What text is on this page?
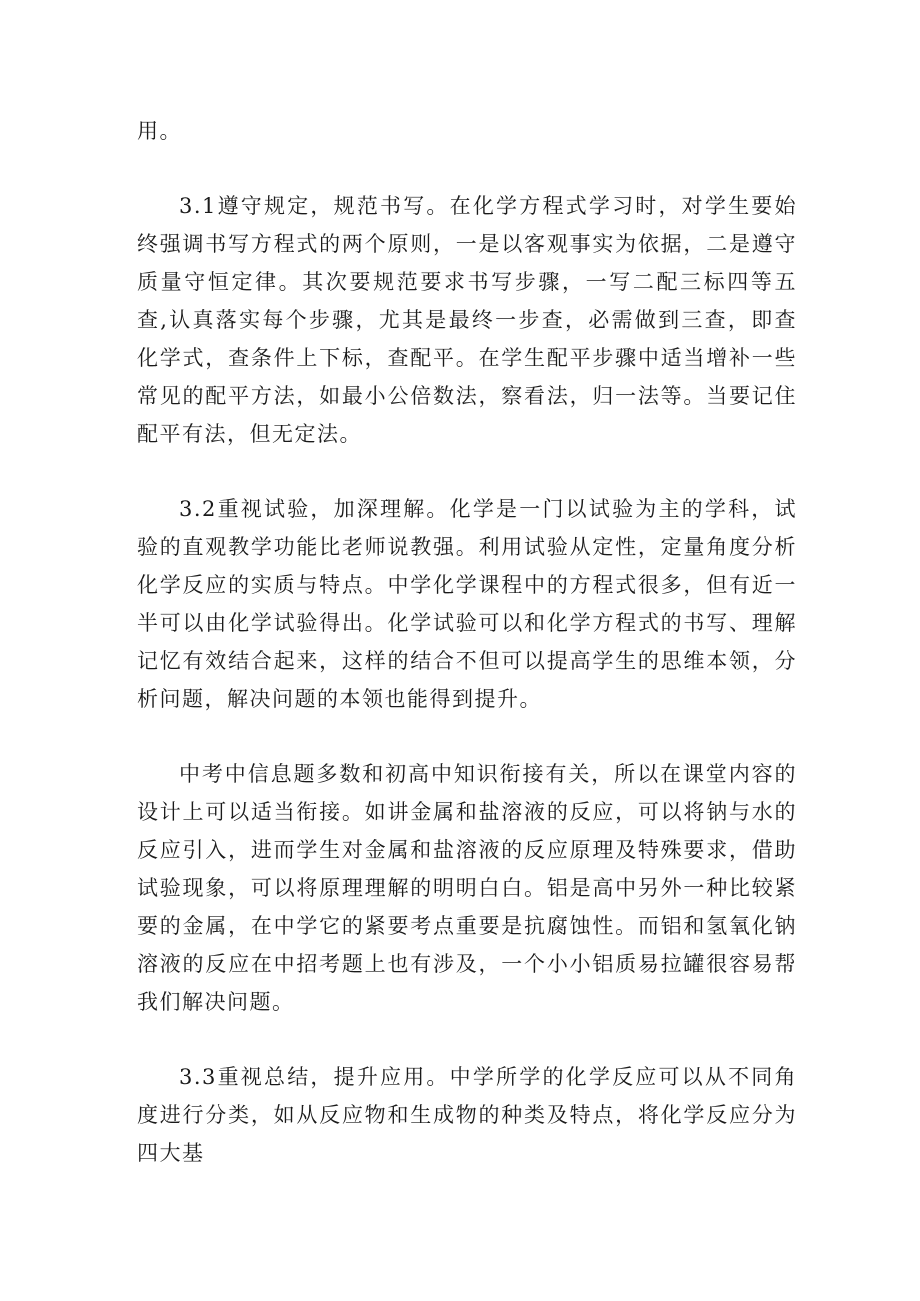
用。

3.1遵守规定，规范书写。在化学方程式学习时，对学生要始终强调书写方程式的两个原则，一是以客观事实为依据，二是遵守质量守恒定律。其次要规范要求书写步骤，一写二配三标四等五查,认真落实每个步骤，尤其是最终一步查，必需做到三查，即查化学式，查条件上下标，查配平。在学生配平步骤中适当增补一些常见的配平方法，如最小公倍数法，察看法，归一法等。当要记住配平有法，但无定法。

3.2重视试验，加深理解。化学是一门以试验为主的学科，试验的直观教学功能比老师说教强。利用试验从定性，定量角度分析化学反应的实质与特点。中学化学课程中的方程式很多，但有近一半可以由化学试验得出。化学试验可以和化学方程式的书写、理解记忆有效结合起来，这样的结合不但可以提高学生的思维本领，分析问题，解决问题的本领也能得到提升。

中考中信息题多数和初高中知识衔接有关，所以在课堂内容的设计上可以适当衔接。如讲金属和盐溶液的反应，可以将钠与水的反应引入，进而学生对金属和盐溶液的反应原理及特殊要求，借助试验现象，可以将原理理解的明明白白。铝是高中另外一种比较紧要的金属，在中学它的紧要考点重要是抗腐蚀性。而铝和氢氧化钠溶液的反应在中招考题上也有涉及，一个小小铝质易拉罐很容易帮我们解决问题。

3.3重视总结，提升应用。中学所学的化学反应可以从不同角度进行分类，如从反应物和生成物的种类及特点，将化学反应分为四大基
